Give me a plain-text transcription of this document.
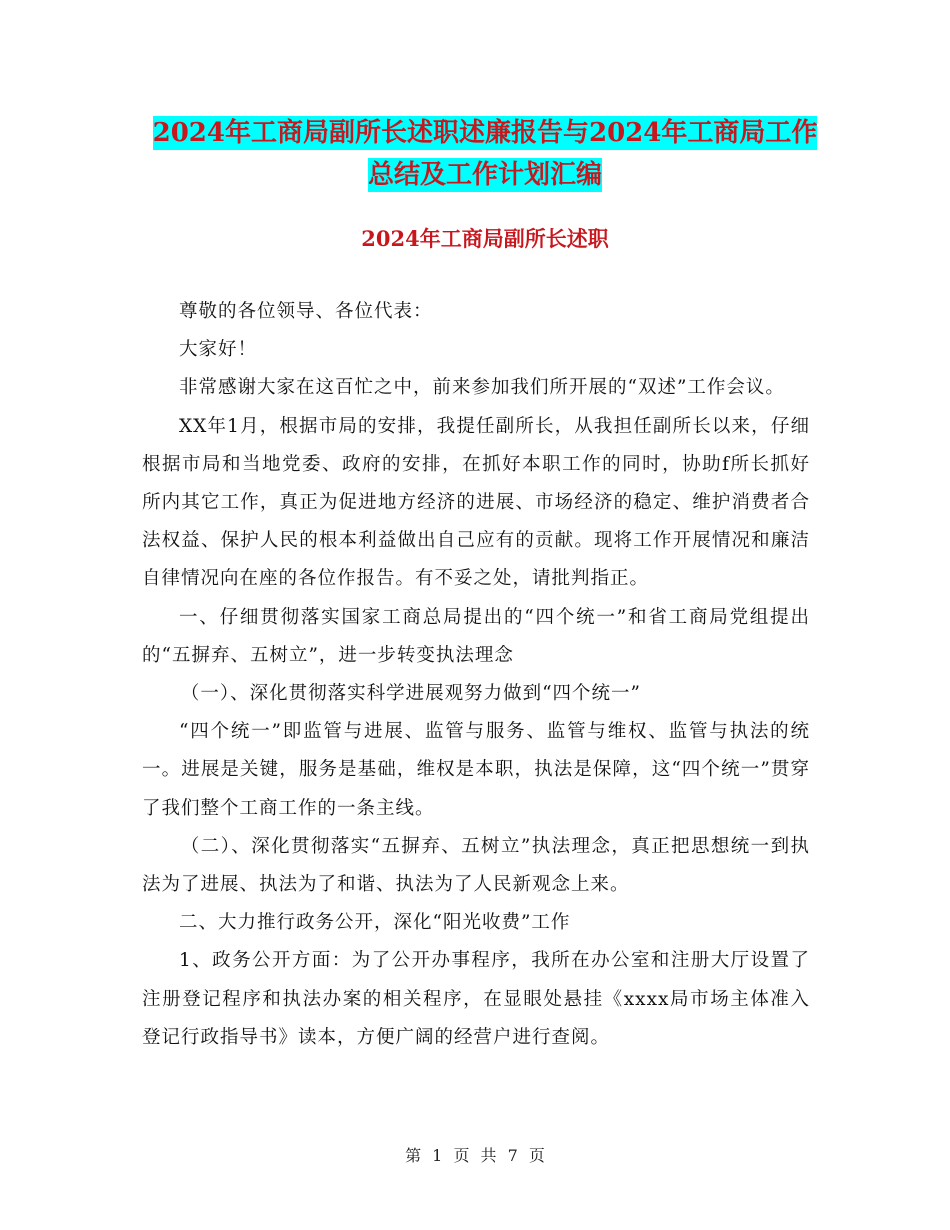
2024年工商局副所长述职述廉报告与2024年工商局工作总结及工作计划汇编
2024年工商局副所长述职

尊敬的各位领导、各位代表：

大家好！

非常感谢大家在这百忙之中，前来参加我们所开展的“双述”工作会议。

XX年1月，根据市局的安排，我提任副所长，从我担任副所长以来，仔细根据市局和当地党委、政府的安排，在抓好本职工作的同时，协助f所长抓好所内其它工作，真正为促进地方经济的进展、市场经济的稳定、维护消费者合法权益、保护人民的根本利益做出自己应有的贡献。现将工作开展情况和廉洁自律情况向在座的各位作报告。有不妥之处，请批判指正。

一、仔细贯彻落实国家工商总局提出的“四个统一”和省工商局党组提出的“五摒弃、五树立”，进一步转变执法理念

（一）、深化贯彻落实科学进展观努力做到“四个统一”

“四个统一”即监管与进展、监管与服务、监管与维权、监管与执法的统一。进展是关键，服务是基础，维权是本职，执法是保障，这“四个统一”贯穿了我们整个工商工作的一条主线。

（二）、深化贯彻落实“五摒弃、五树立”执法理念，真正把思想统一到执法为了进展、执法为了和谐、执法为了人民新观念上来。

二、大力推行政务公开，深化“阳光收费”工作

1、政务公开方面：为了公开办事程序，我所在办公室和注册大厅设置了注册登记程序和执法办案的相关程序，在显眼处悬挂《xxxx局市场主体准入登记行政指导书》读本，方便广阔的经营户进行查阅。

第 1 页 共 7 页
